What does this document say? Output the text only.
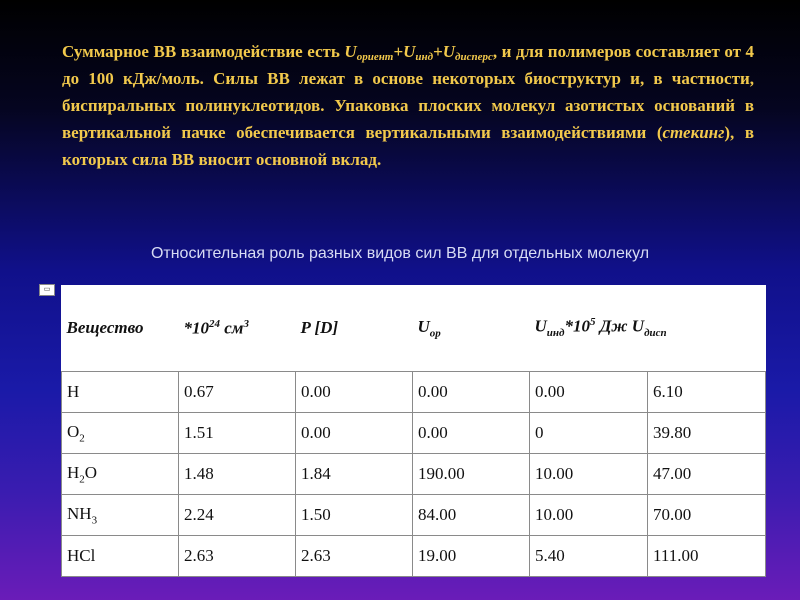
Суммарное ВВ взаимодействие есть $U_{ориент}+U_{инд}+U_{дисперс}$, и для полимеров составляет от 4 до 100 кДж/моль. Силы ВВ лежат в основе некоторых биоструктур и, в частности, биспиральных полинуклеотидов. Упаковка плоских молекул азотистых оснований в вертикальной пачке обеспечивается вертикальными взаимодействиями (стекинг), в которых сила ВВ вносит основной вклад.

Относительная роль разных видов сил ВВ для отдельных молекул

▭
Вещество	$*10^{24}$ $см^3$	P [D]	$U_{ор}$	$U_{инд}*10^5$ Дж $U_{дисп}$
H	0.67	0.00	0.00	0.00	6.10
$O_2$	1.51	0.00	0.00	0	39.80
$H_2O$	1.48	1.84	190.00	10.00	47.00
$NH_3$	2.24	1.50	84.00	10.00	70.00
HCl	2.63	2.63	19.00	5.40	111.00
